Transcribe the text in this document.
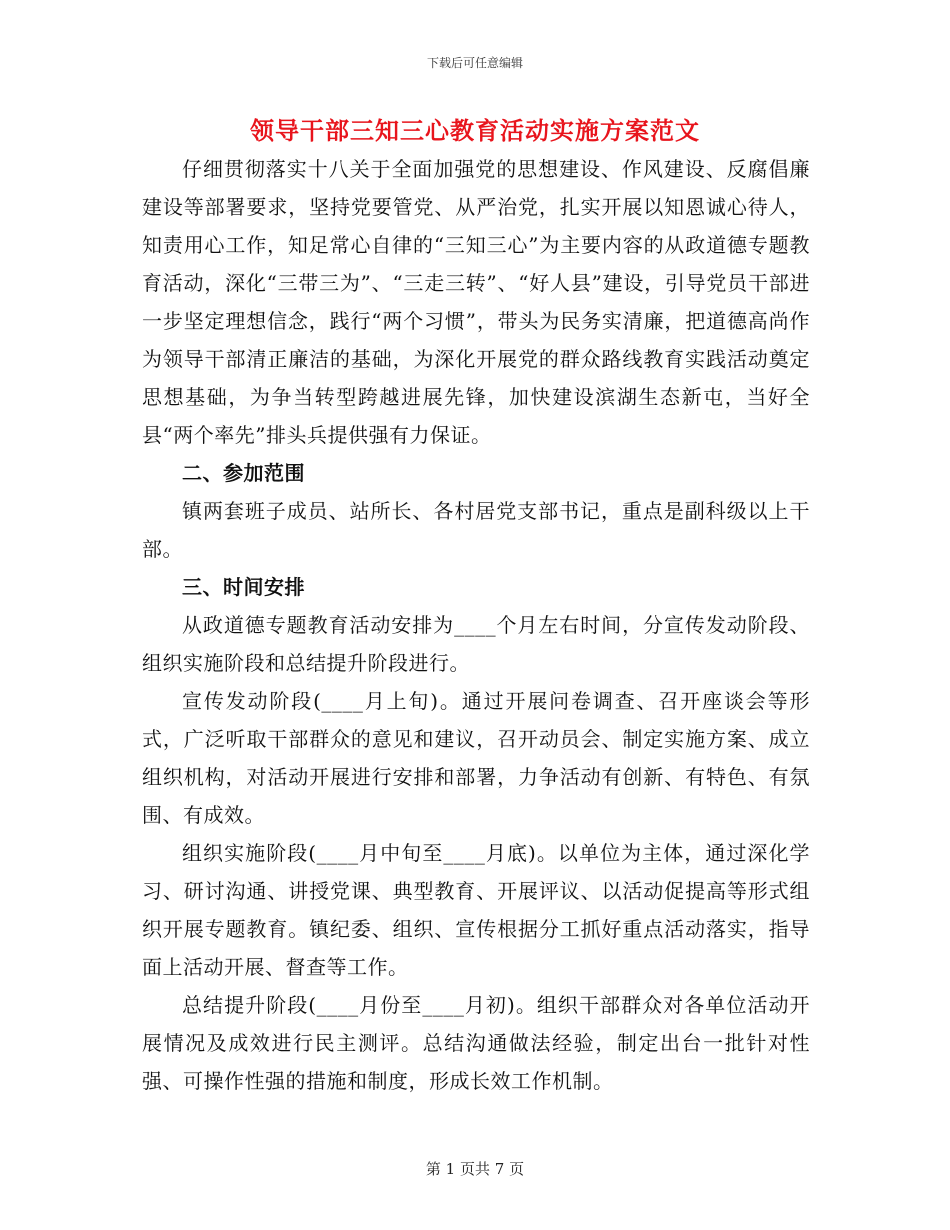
下载后可任意编辑
领导干部三知三心教育活动实施方案范文

仔细贯彻落实十八关于全面加强党的思想建设、作风建设、反腐倡廉建设等部署要求，坚持党要管党、从严治党，扎实开展以知恩诚心待人，知责用心工作，知足常心自律的“三知三心”为主要内容的从政道德专题教育活动，深化“三带三为”、“三走三转”、“好人县”建设，引导党员干部进一步坚定理想信念，践行“两个习惯”，带头为民务实清廉，把道德高尚作为领导干部清正廉洁的基础，为深化开展党的群众路线教育实践活动奠定思想基础，为争当转型跨越进展先锋，加快建设滨湖生态新屯，当好全县“两个率先”排头兵提供强有力保证。

二、参加范围

镇两套班子成员、站所长、各村居党支部书记，重点是副科级以上干部。

三、时间安排

从政道德专题教育活动安排为____个月左右时间，分宣传发动阶段、组织实施阶段和总结提升阶段进行。

宣传发动阶段(____月上旬)。通过开展问卷调查、召开座谈会等形式，广泛听取干部群众的意见和建议，召开动员会、制定实施方案、成立组织机构，对活动开展进行安排和部署，力争活动有创新、有特色、有氛围、有成效。

组织实施阶段(____月中旬至____月底)。以单位为主体，通过深化学习、研讨沟通、讲授党课、典型教育、开展评议、以活动促提高等形式组织开展专题教育。镇纪委、组织、宣传根据分工抓好重点活动落实，指导面上活动开展、督查等工作。

总结提升阶段(____月份至____月初)。组织干部群众对各单位活动开展情况及成效进行民主测评。总结沟通做法经验，制定出台一批针对性强、可操作性强的措施和制度，形成长效工作机制。

第 1 页共 7 页
